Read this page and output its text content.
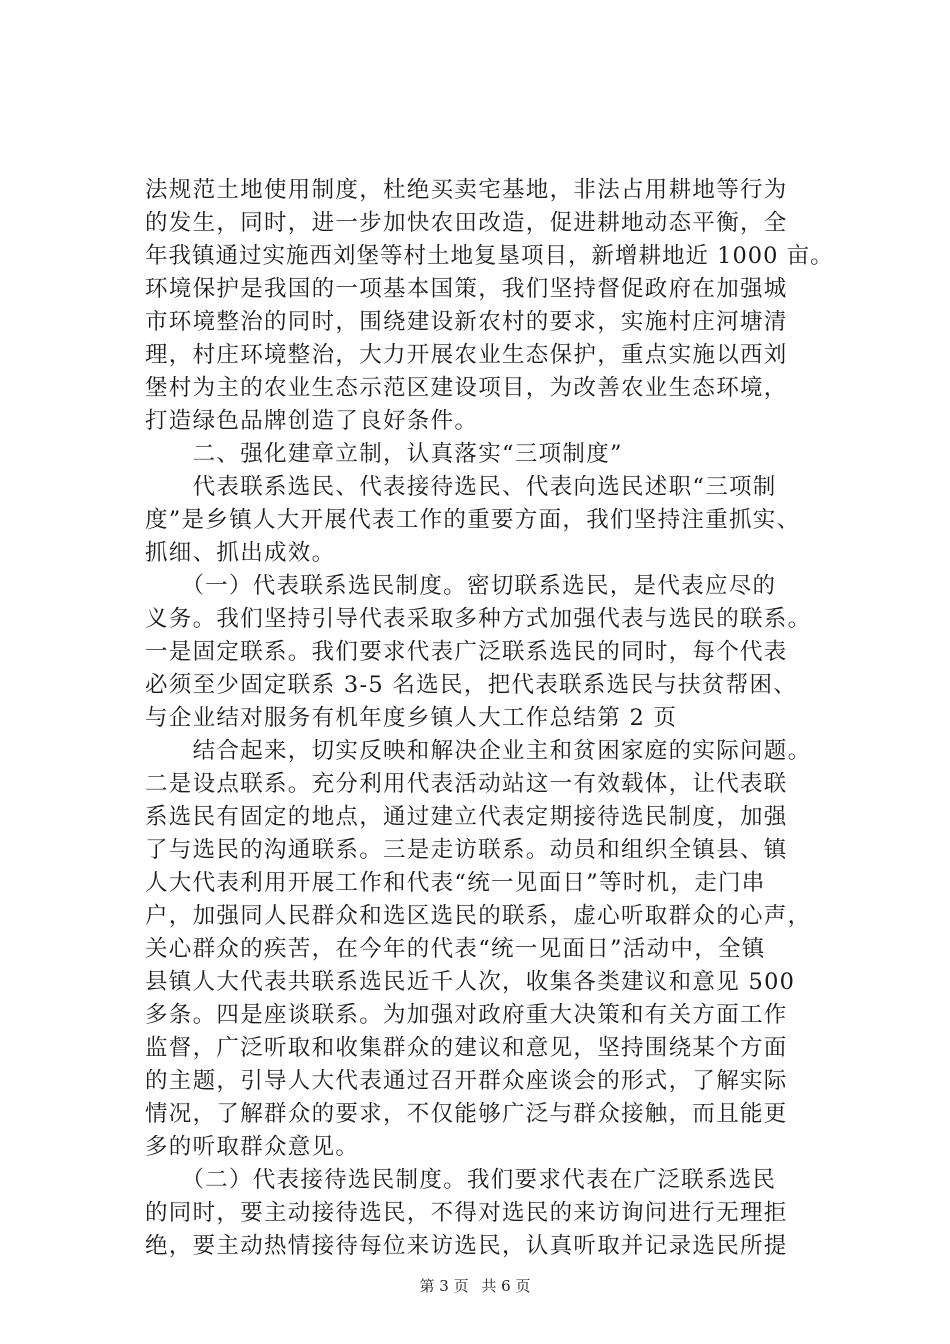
法规范土地使用制度，杜绝买卖宅基地，非法占用耕地等行为
的发生，同时，进一步加快农田改造，促进耕地动态平衡，全
年我镇通过实施西刘堡等村土地复垦项目，新增耕地近 1000 亩。
环境保护是我国的一项基本国策，我们坚持督促政府在加强城
市环境整治的同时，围绕建设新农村的要求，实施村庄河塘清
理，村庄环境整治，大力开展农业生态保护，重点实施以西刘
堡村为主的农业生态示范区建设项目，为改善农业生态环境，
打造绿色品牌创造了良好条件。
　　二、强化建章立制，认真落实“三项制度”
　　代表联系选民、代表接待选民、代表向选民述职“三项制
度”是乡镇人大开展代表工作的重要方面，我们坚持注重抓实、
抓细、抓出成效。
　　（一）代表联系选民制度。密切联系选民，是代表应尽的
义务。我们坚持引导代表采取多种方式加强代表与选民的联系。
一是固定联系。我们要求代表广泛联系选民的同时，每个代表
必须至少固定联系 3-5 名选民，把代表联系选民与扶贫帮困、
与企业结对服务有机年度乡镇人大工作总结第 2 页
　　结合起来，切实反映和解决企业主和贫困家庭的实际问题。
二是设点联系。充分利用代表活动站这一有效载体，让代表联
系选民有固定的地点，通过建立代表定期接待选民制度，加强
了与选民的沟通联系。三是走访联系。动员和组织全镇县、镇
人大代表利用开展工作和代表“统一见面日”等时机，走门串
户，加强同人民群众和选区选民的联系，虚心听取群众的心声，
关心群众的疾苦，在今年的代表“统一见面日”活动中，全镇
县镇人大代表共联系选民近千人次，收集各类建议和意见 500
多条。四是座谈联系。为加强对政府重大决策和有关方面工作
监督，广泛听取和收集群众的建议和意见，坚持围绕某个方面
的主题，引导人大代表通过召开群众座谈会的形式，了解实际
情况，了解群众的要求，不仅能够广泛与群众接触，而且能更
多的听取群众意见。
　　（二）代表接待选民制度。我们要求代表在广泛联系选民
的同时，要主动接待选民，不得对选民的来访询问进行无理拒
绝，要主动热情接待每位来访选民，认真听取并记录选民所提
第 3 页 共 6 页
